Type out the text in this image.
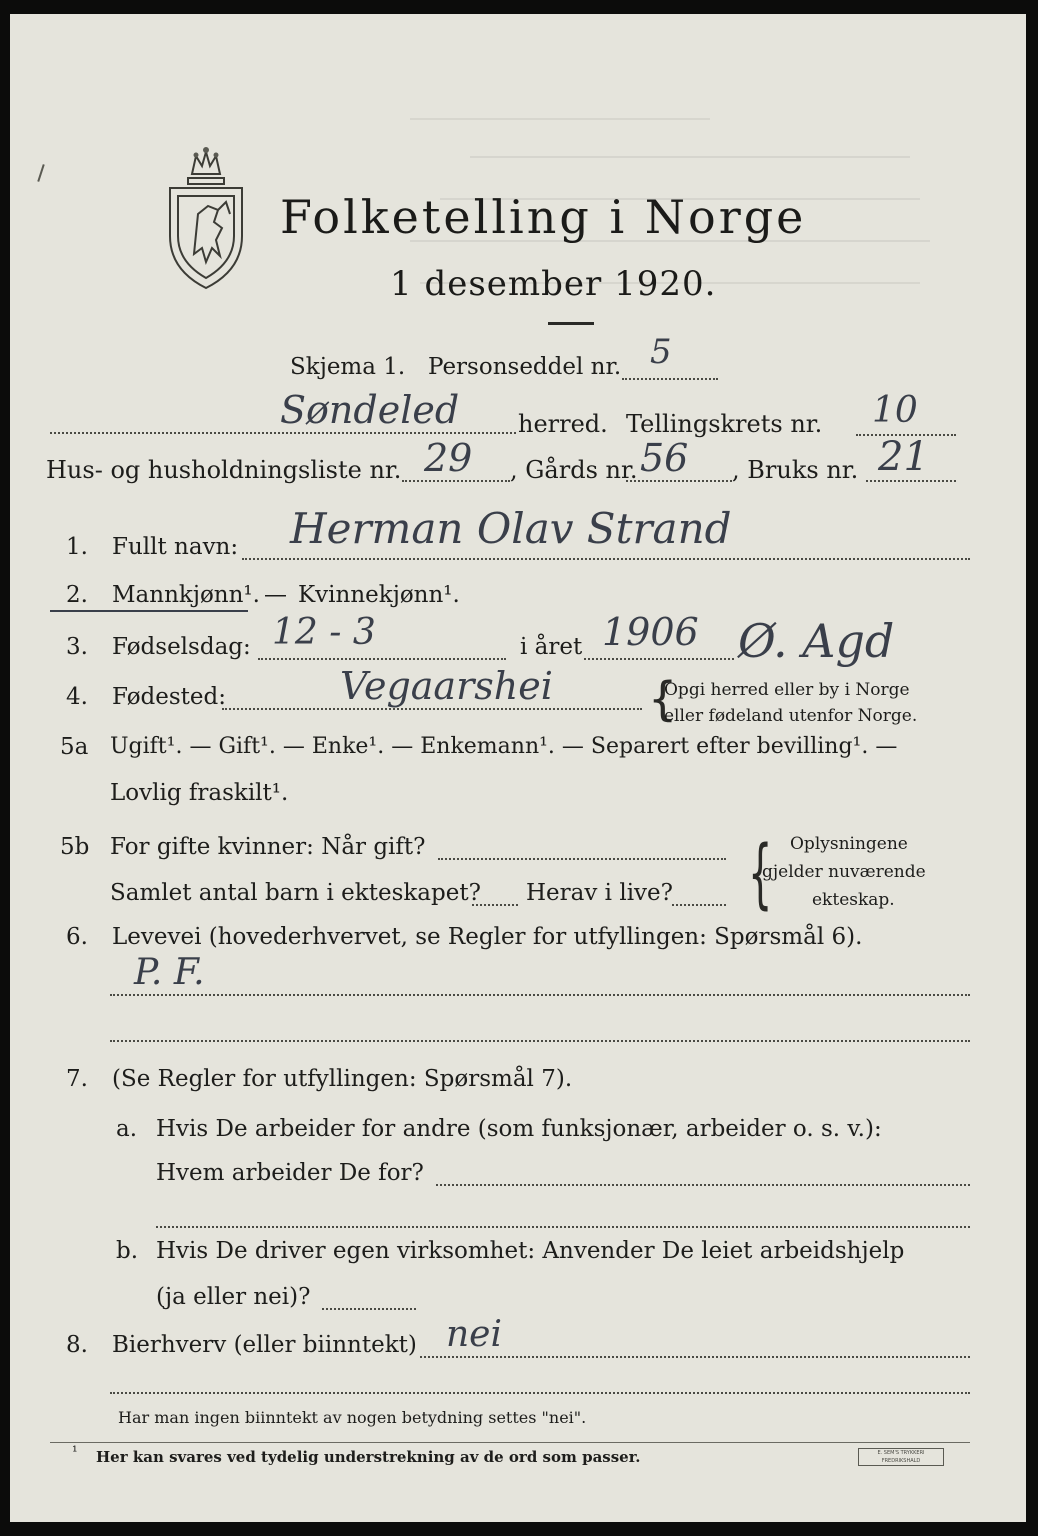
Folketelling i Norge
1 desember 1920.
Skjema 1. Personseddel nr. 5
Søndeled herred. Tellingskrets nr. 10
Hus- og husholdningsliste nr. 29 , Gårds nr. 56 , Bruks nr. 21
1. Fullt navn: Herman Olav Strand
2. Mannkjønn¹. — Kvinnekjønn¹.
3. Fødselsdag: 12 - 3	i året 1906 Ø. Agd
4. Fødested:	Vegaarshei {
Opgi herred eller by i Norge
eller fødeland utenfor Norge.
5a Ugift¹. — Gift¹. — Enke¹. — Enkemann¹. — Separert efter bevilling¹. —
Lovlig fraskilt¹.
5b For gifte kvinner: Når gift?
Samlet antal barn i ekteskapet? Herav i live? { Oplysningene
gjelder nuværende
ekteskap.
6. Levevei (hovederhvervet, se Regler for utfyllingen: Spørsmål 6).
P. F.
7. (Se Regler for utfyllingen: Spørsmål 7).
a. Hvis De arbeider for andre (som funksjonær, arbeider o. s. v.):
Hvem arbeider De for?
b. Hvis De driver egen virksomhet: Anvender De leiet arbeidshjelp
(ja eller nei)?
8. Bierhverv (eller biinntekt) nei
Har man ingen biinntekt av nogen betydning settes "nei".
¹ Her kan svares ved tydelig understrekning av de ord som passer.	E. SEM'S TRYKKERI FREDRIKSHALD
